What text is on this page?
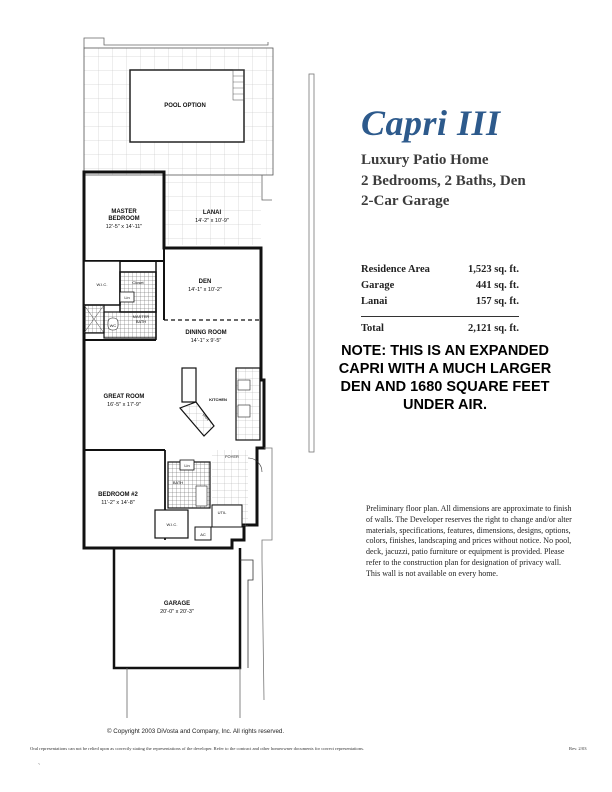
POOL OPTION
LANAI
14'-2" x 10'-9"
MASTER
BEDROOM
12'-5" x 14'-11"
W.I.C.	Closet
Lin
WC
MASTER
BATH
DEN
14'-1" x 10'-2"
DINING ROOM
14'-1" x 9'-5"
GREAT ROOM
16'-5" x 17'-9"
PAN
KITCHEN
BEDROOM #2
11'-2" x 14'-8"
W.I.C.
Lin
BATH
FOYER
UTIL
AC
GARAGE
20'-0" x 20'-3"
Capri III
Luxury Patio Home
2 Bedrooms, 2 Baths, Den
2-Car Garage
Residence Area	1,523 sq. ft.
Garage	441 sq. ft.
Lanai	157 sq. ft.
Total	2,121 sq. ft.
NOTE: THIS IS AN EXPANDED CAPRI WITH A MUCH LARGER DEN AND 1680 SQUARE FEET UNDER AIR.
Preliminary floor plan. All dimensions are approximate to finish of walls. The Developer reserves the right to change and/or alter materials, specifications, features, dimensions, designs, options, colors, finishes, landscaping and prices without notice. No pool, deck, jacuzzi, patio furniture or equipment is provided. Please refer to the construction plan for designation of privacy wall. This wall is not available on every home.
© Copyright 2003 DiVosta and Company, Inc. All rights reserved.
Oral representations can not be relied upon as correctly stating the representations of the developer. Refer to the contract and other homeowner documents for correct representations.	Rev. 2/03
`
